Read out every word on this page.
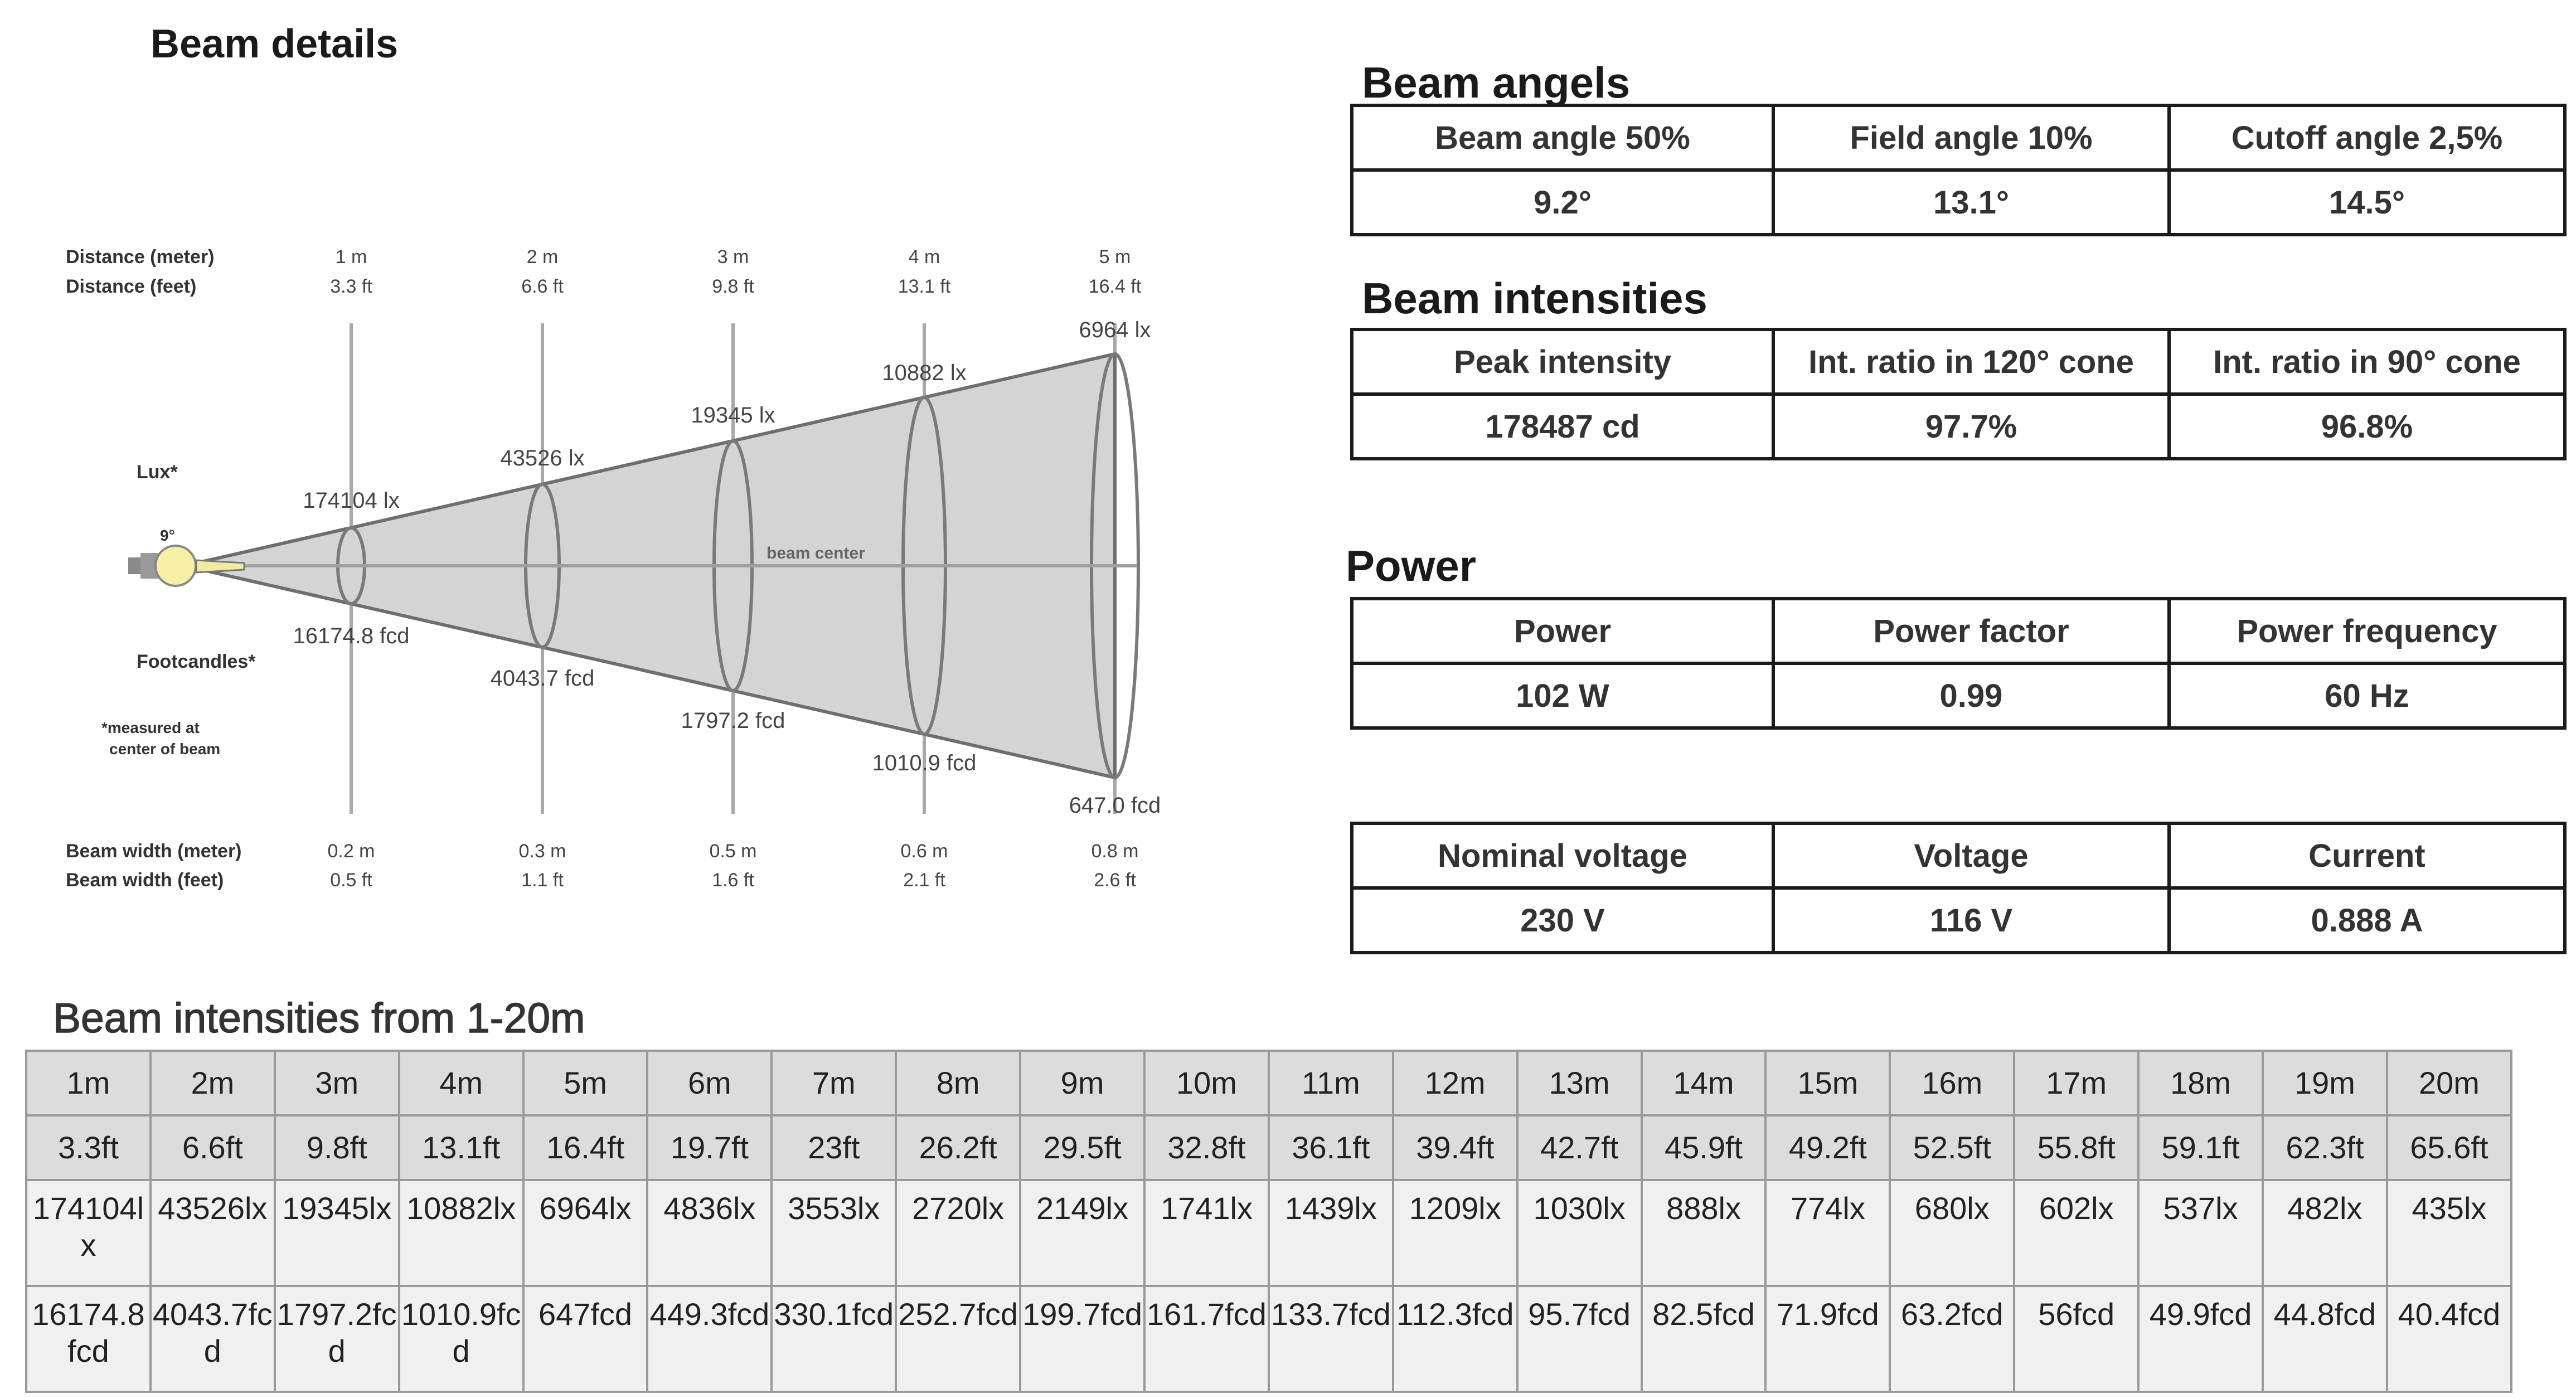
Beam details
Beam angels
Beam intensities
Power
Beam intensities from 1-20m
Beam angle 50%	Field angle 10%	Cutoff angle 2,5%
9.2°	13.1°	14.5°
Peak intensity	Int. ratio in 120° cone	Int. ratio in 90° cone
178487 cd	97.7%	96.8%
Power	Power factor	Power frequency
102 W	0.99	60 Hz
Nominal voltage	Voltage	Current
230 V	116 V	0.888 A
Distance (meter)
Distance (feet)
Lux*
Footcandles*
Beam width (meter)
Beam width (feet)
*measured at
center of beam
9°
beam center
1 m	2 m	3 m	4 m	5 m
3.3 ft	6.6 ft	9.8 ft	13.1 ft	16.4 ft
174104 lx
43526 lx
19345 lx
10882 lx
6964 lx
16174.8 fcd
4043.7 fcd
1797.2 fcd
1010.9 fcd
647.0 fcd
0.2 m	0.3 m	0.5 m	0.6 m	0.8 m
0.5 ft	1.1 ft	1.6 ft	2.1 ft	2.6 ft
1m	2m	3m	4m	5m	6m	7m	8m	9m	10m	11m	12m	13m	14m	15m	16m	17m	18m	19m	20m
3.3ft	6.6ft	9.8ft	13.1ft	16.4ft	19.7ft	23ft	26.2ft	29.5ft	32.8ft	36.1ft	39.4ft	42.7ft	45.9ft	49.2ft	52.5ft	55.8ft	59.1ft	62.3ft	65.6ft
174104lx	43526lx	19345lx	10882lx	6964lx	4836lx	3553lx	2720lx	2149lx	1741lx	1439lx	1209lx	1030lx	888lx	774lx	680lx	602lx	537lx	482lx	435lx
16174.8fcd	4043.7fcd	1797.2fcd	1010.9fcd	647fcd	449.3fcd	330.1fcd	252.7fcd	199.7fcd	161.7fcd	133.7fcd	112.3fcd	95.7fcd	82.5fcd	71.9fcd	63.2fcd	56fcd	49.9fcd	44.8fcd	40.4fcd
